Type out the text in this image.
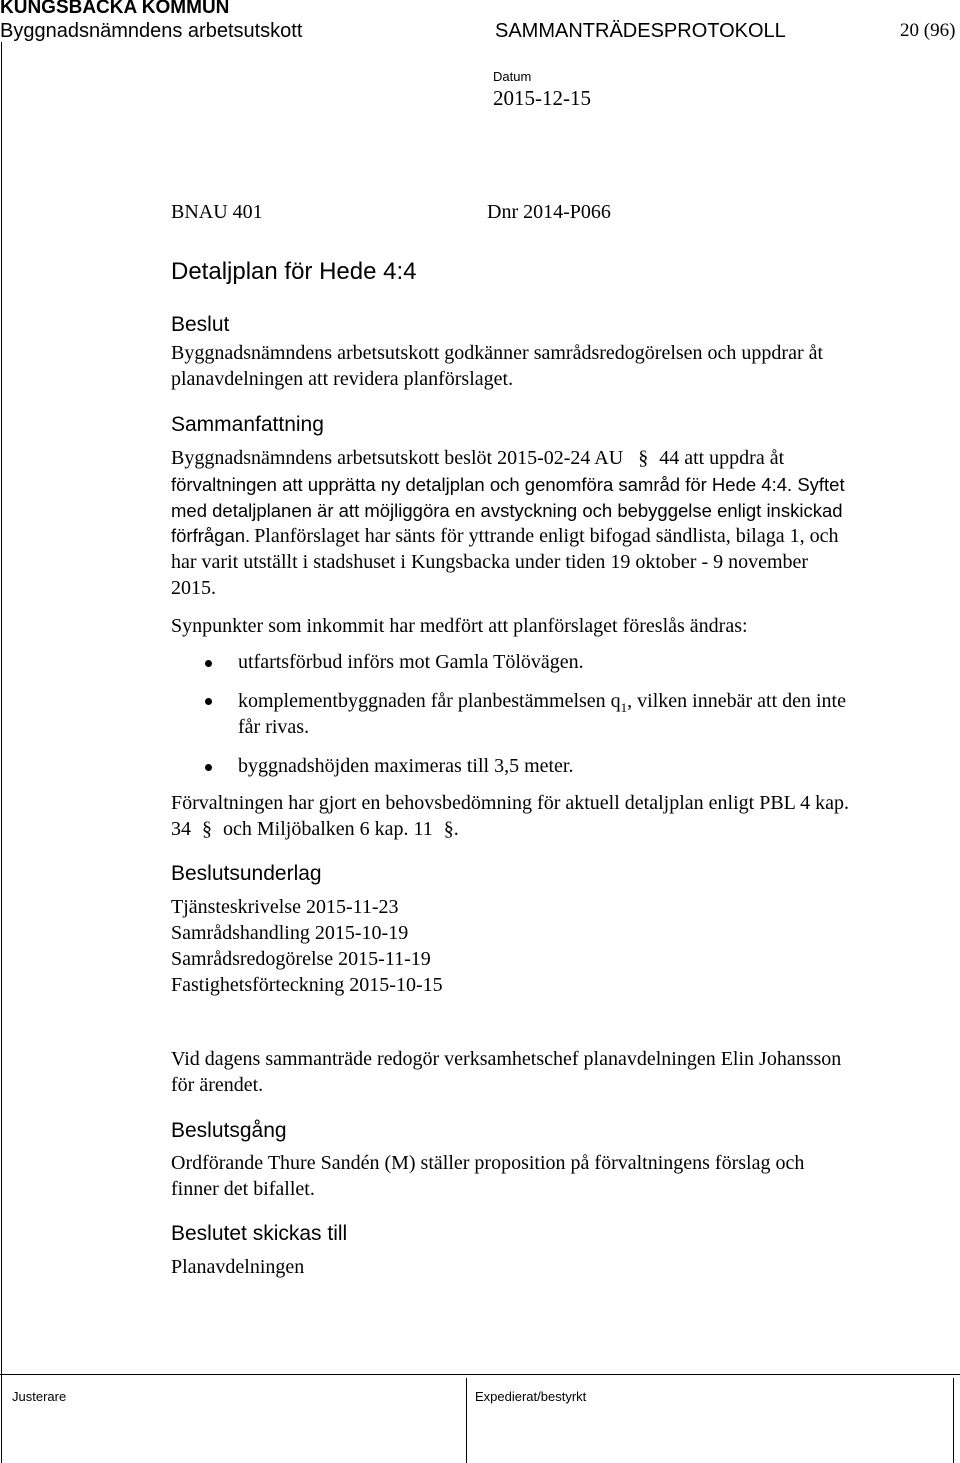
KUNGSBACKA KOMMUN
Byggnadsnämndens arbetsutskott	SAMMANTRÄDESPROTOKOLL	20 (96)
Datum
2015-12-15
BNAU 401	Dnr 2014-P066
Detaljplan för Hede 4:4
Beslut
Byggnadsnämndens arbetsutskott godkänner samrådsredogörelsen och uppdrar åt
planavdelningen att revidera planförslaget.
Sammanfattning
Byggnadsnämndens arbetsutskott beslöt 2015-02-24 AU § 44 att uppdra åt
förvaltningen att upprätta ny detaljplan och genomföra samråd för Hede 4:4. Syftet
med detaljplanen är att möjliggöra en avstyckning och bebyggelse enligt inskickad
förfrågan. Planförslaget har sänts för yttrande enligt bifogad sändlista, bilaga 1, och
har varit utställt i stadshuset i Kungsbacka under tiden 19 oktober - 9 november
2015.
Synpunkter som inkommit har medfört att planförslaget föreslås ändras:
utfartsförbud införs mot Gamla Tölövägen.
komplementbyggnaden får planbestämmelsen $q_1$, vilken innebär att den inte
får rivas.
byggnadshöjden maximeras till 3,5 meter.
Förvaltningen har gjort en behovsbedömning för aktuell detaljplan enligt PBL 4 kap.
34 § och Miljöbalken 6 kap. 11 §.
Beslutsunderlag
Tjänsteskrivelse 2015-11-23
Samrådshandling 2015-10-19
Samrådsredogörelse 2015-11-19
Fastighetsförteckning 2015-10-15
Vid dagens sammanträde redogör verksamhetschef planavdelningen Elin Johansson
för ärendet.
Beslutsgång
Ordförande Thure Sandén (M) ställer proposition på förvaltningens förslag och
finner det bifallet.
Beslutet skickas till
Planavdelningen
Justerare	Expedierat/bestyrkt
